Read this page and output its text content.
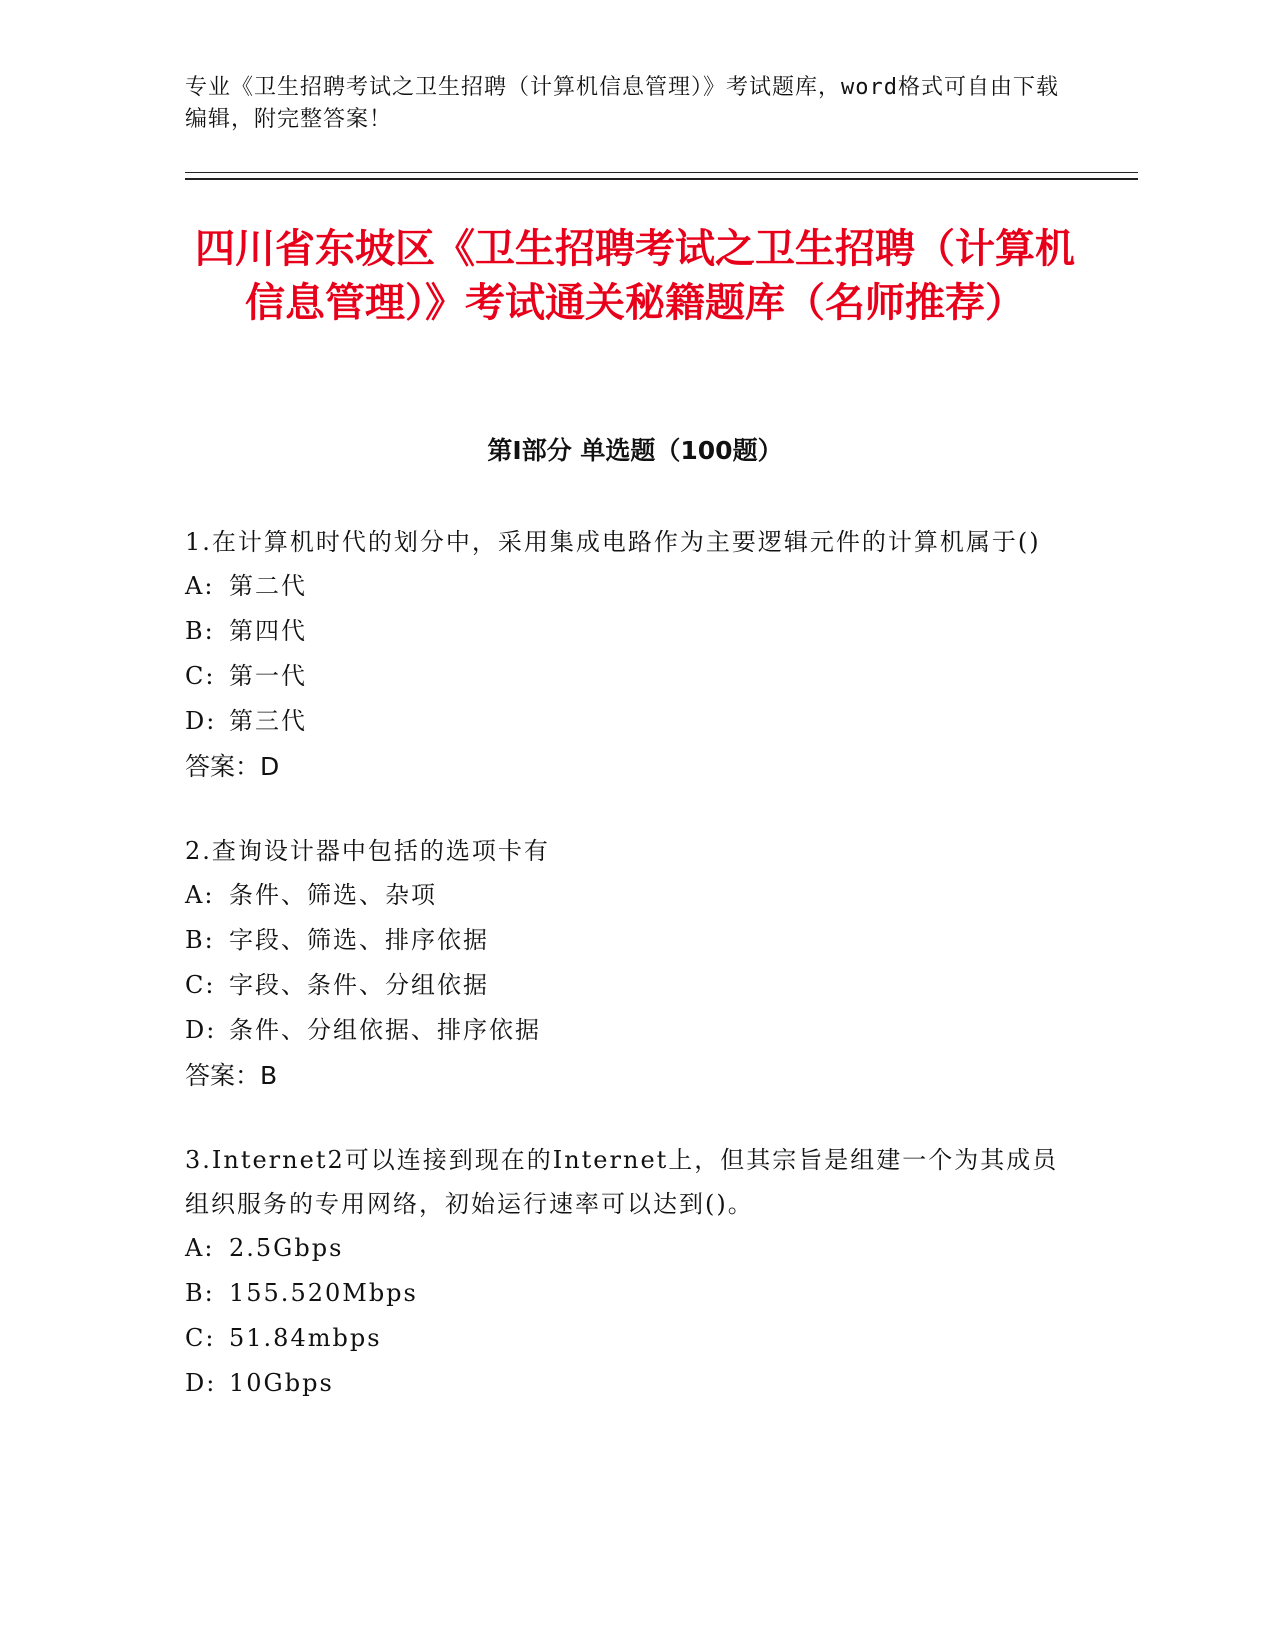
专业《卫生招聘考试之卫生招聘（计算机信息管理）》考试题库，word格式可自由下载编辑，附完整答案！
四川省东坡区《卫生招聘考试之卫生招聘（计算机信息管理）》考试通关秘籍题库（名师推荐）
第I部分 单选题（100题）
1.在计算机时代的划分中，采用集成电路作为主要逻辑元件的计算机属于()
A: 第二代
B: 第四代
C: 第一代
D: 第三代
答案：D
2.查询设计器中包括的选项卡有
A: 条件、筛选、杂项
B: 字段、筛选、排序依据
C: 字段、条件、分组依据
D: 条件、分组依据、排序依据
答案：B
3.Internet2可以连接到现在的Internet上，但其宗旨是组建一个为其成员组织服务的专用网络，初始运行速率可以达到()。
A: 2.5Gbps
B: 155.520Mbps
C: 51.84mbps
D: 10Gbps
